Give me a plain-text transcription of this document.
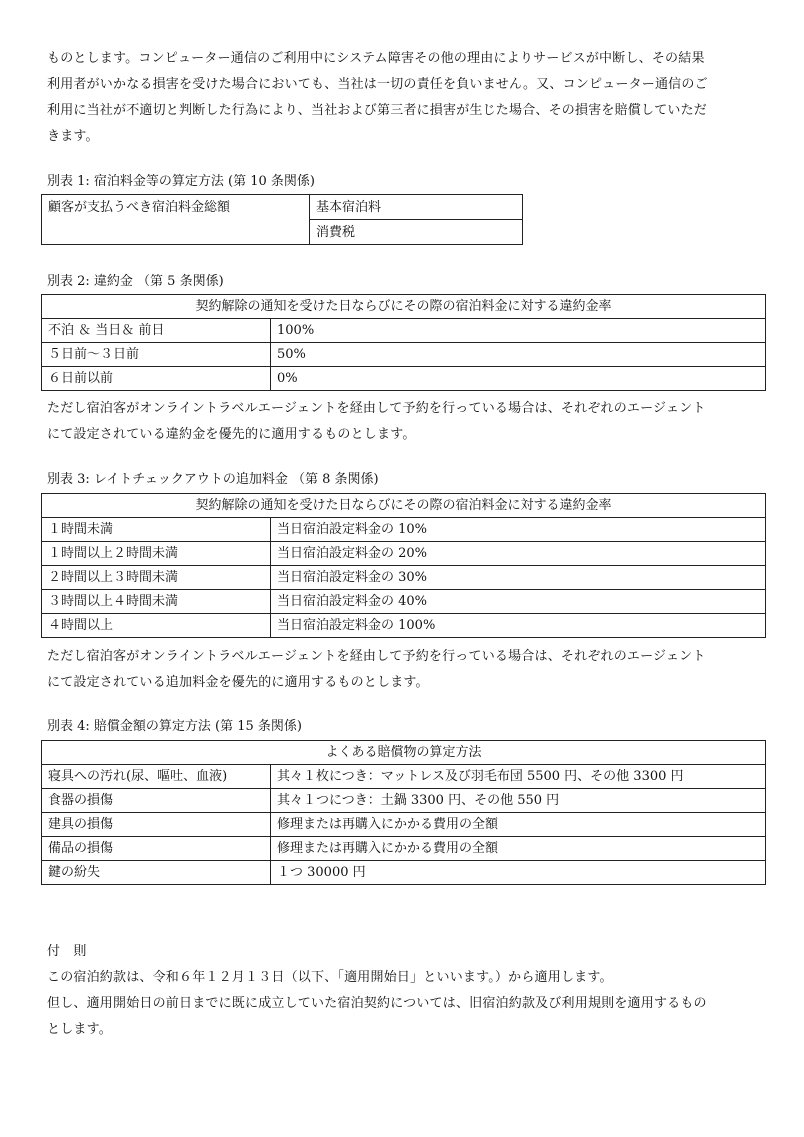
ものとします。コンピューター通信のご利用中にシステム障害その他の理由によりサービスが中断し、その結果

利用者がいかなる損害を受けた場合においても、当社は一切の責任を負いません。又、コンピューター通信のご

利用に当社が不適切と判断した行為により、当社および第三者に損害が生じた場合、その損害を賠償していただ

きます。

別表 1: 宿泊料金等の算定方法 (第 10 条関係)

顧客が支払うべき宿泊料金総額	基本宿泊料
消費税

別表 2: 違約金 （第 5 条関係)

契約解除の通知を受けた日ならびにその際の宿泊料金に対する違約金率	
不泊 ＆ 当日＆ 前日	100%
５日前～３日前	50%
６日前以前	0%

ただし宿泊客がオンライントラベルエージェントを経由して予約を行っている場合は、それぞれのエージェント

にて設定されている違約金を優先的に適用するものとします。

別表 3: レイトチェックアウトの追加料金 （第 8 条関係)

契約解除の通知を受けた日ならびにその際の宿泊料金に対する違約金率	
１時間未満	当日宿泊設定料金の 10%
１時間以上２時間未満	当日宿泊設定料金の 20%
２時間以上３時間未満	当日宿泊設定料金の 30%
３時間以上４時間未満	当日宿泊設定料金の 40%
４時間以上	当日宿泊設定料金の 100%

ただし宿泊客がオンライントラベルエージェントを経由して予約を行っている場合は、それぞれのエージェント

にて設定されている追加料金を優先的に適用するものとします。

別表 4: 賠償金額の算定方法 (第 15 条関係)

よくある賠償物の算定方法	
寝具への汚れ(尿、嘔吐、血液)	其々１枚につき：マットレス及び羽毛布団 5500 円、その他 3300 円
食器の損傷	其々１つにつき：土鍋 3300 円、その他 550 円
建具の損傷	修理または再購入にかかる費用の全額
備品の損傷	修理または再購入にかかる費用の全額
鍵の紛失	１つ 30000 円

付　則

この宿泊約款は、令和６年１２月１３日（以下、「適用開始日」といいます。）から適用します。

但し、適用開始日の前日までに既に成立していた宿泊契約については、旧宿泊約款及び利用規則を適用するもの

とします。
